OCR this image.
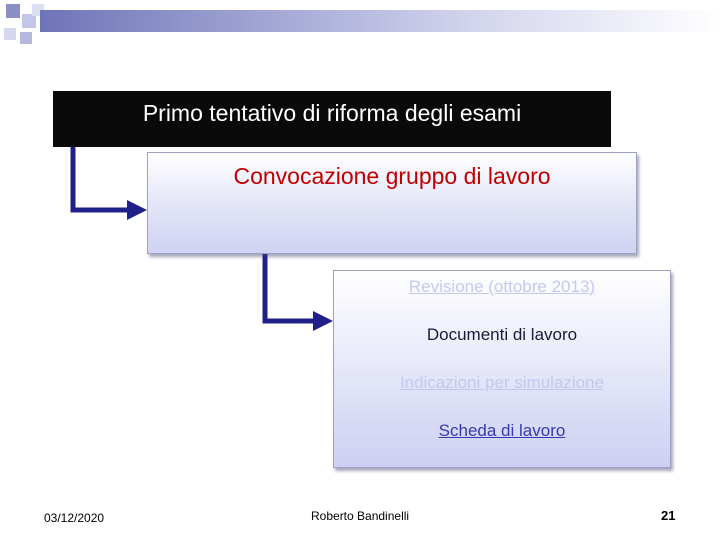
Primo tentativo di riforma degli esami
Convocazione gruppo di lavoro
Revisione (ottobre 2013)
Documenti di lavoro
Indicazioni per simulazione
Scheda di lavoro
03/12/2020	Roberto Bandinelli	21
